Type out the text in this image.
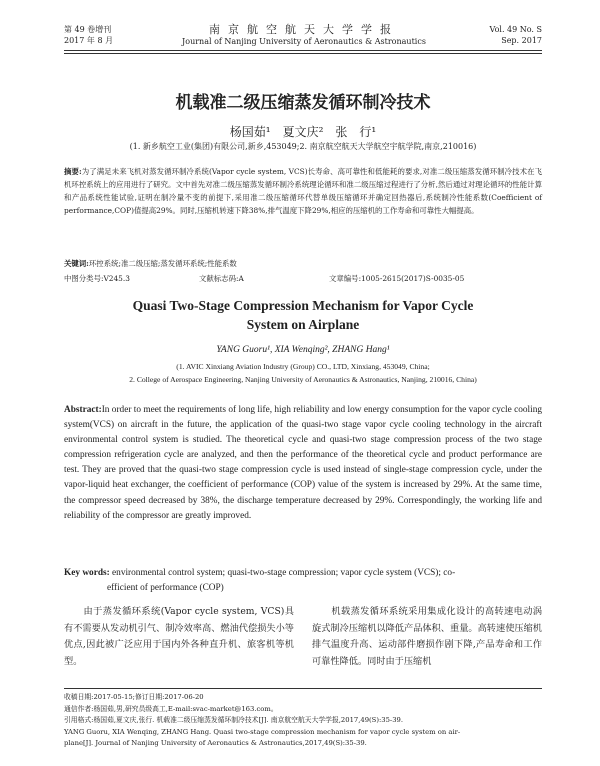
第 49 卷增刊
2017 年 8 月
南京航空航天大学学报
Journal of Nanjing University of Aeronautics & Astronautics
Vol. 49 No. S
Sep. 2017
机载准二级压缩蒸发循环制冷技术
杨国茹¹　夏文庆²　张　行¹
(1. 新乡航空工业(集团)有限公司,新乡,453049;2. 南京航空航天大学航空宇航学院,南京,210016)
摘要:为了满足未来飞机对蒸发循环制冷系统(Vapor cycle system, VCS)长寿命、高可靠性和低能耗的要求,对准二级压缩蒸发循环制冷技术在飞机环控系统上的应用进行了研究。文中首先对准二级压缩蒸发循环制冷系统理论循环和准二级压缩过程进行了分析,然后通过对理论循环的性能计算和产品系统性能试验,证明在制冷量不变的前提下,采用准二级压缩循环代替单级压缩循环并确定回热器后,系统制冷性能系数(Coefficient of performance,COP)值提高29%。同时,压缩机转速下降38%,排气温度下降29%,相应的压缩机的工作寿命和可靠性大幅提高。
关键词:环控系统;准二级压缩;蒸发循环系统;性能系数
中图分类号:V245.3	文献标志码:A	文章编号:1005-2615(2017)S-0035-05
Quasi Two-Stage Compression Mechanism for Vapor Cycle
System on Airplane
YANG Guoru¹, XIA Wenqing², ZHANG Hang¹
(1. AVIC Xinxiang Aviation Industry (Group) CO., LTD, Xinxiang, 453049, China;
2. College of Aerospace Engineering, Nanjing University of Aeronautics & Astronautics, Nanjing, 210016, China)
Abstract:In order to meet the requirements of long life, high reliability and low energy consumption for the vapor cycle cooling system(VCS) on aircraft in the future, the application of the quasi-two stage vapor cycle cooling technology in the aircraft environmental control system is studied. The theoretical cycle and quasi-two stage compression process of the two stage compression refrigeration cycle are analyzed, and then the performance of the theoretical cycle and product performance are test. They are proved that the quasi-two stage compression cycle is used instead of single-stage compression cycle, under the vapor-liquid heat exchanger, the coefficient of performance (COP) value of the system is increased by 29%. At the same time, the compressor speed decreased by 38%, the discharge temperature decreased by 29%. Correspondingly, the working life and reliability of the compressor are greatly improved.
Key words: environmental control system; quasi-two-stage compression; vapor cycle system (VCS); co-
efficient of performance (COP)
由于蒸发循环系统(Vapor cycle system, VCS)具有不需要从发动机引气、制冷效率高、燃油代偿损失小等优点,因此被广泛应用于国内外各种直升机、旅客机等机型。
机载蒸发循环系统采用集成化设计的高转速电动涡旋式制冷压缩机以降低产品体积、重量。高转速使压缩机排气温度升高、运动部件磨损作剧下降,产品寿命和工作可靠性降低。同时由于压缩机

收稿日期:2017-05-15;修订日期:2017-06-20

通信作者:杨国茹,男,研究员级高工,E-mail:svac-market@163.com。

引用格式:杨国茹,夏文庆,张行. 机载准二级压缩蒸发循环制冷技术[J]. 南京航空航天大学学报,2017,49(S):35-39.

YANG Guoru, XIA Wenqing, ZHANG Hang. Quasi two-stage compression mechanism for vapor cycle system on air-

plane[J]. Journal of Nanjing University of Aeronautics & Astronautics,2017,49(S):35-39.
